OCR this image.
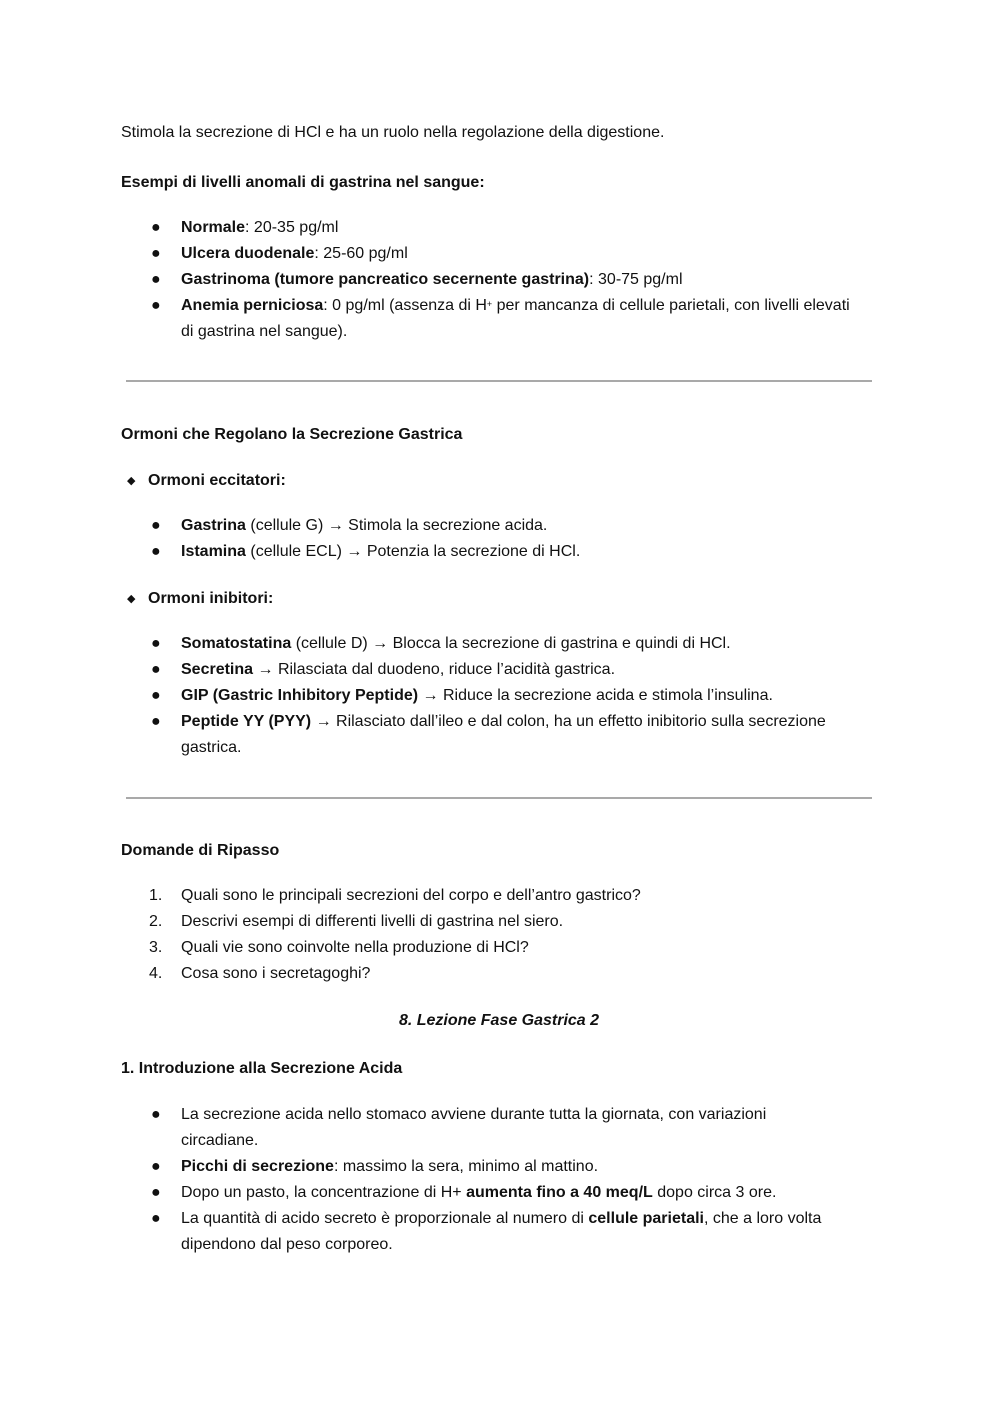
Stimola la secrezione di HCl e ha un ruolo nella regolazione della digestione.

Esempi di livelli anomali di gastrina nel sangue:

●	Normale: 20-35 pg/ml
●	Ulcera duodenale: 25-60 pg/ml
●	Gastrinoma (tumore pancreatico secernente gastrina): 30-75 pg/ml
●	Anemia perniciosa: 0 pg/ml (assenza di H+ per mancanza di cellule parietali, con livelli elevati
di gastrina nel sangue).

Ormoni che Regolano la Secrezione Gastrica

◆ Ormoni eccitatori:
●	Gastrina (cellule G) → Stimola la secrezione acida.
●	Istamina (cellule ECL) → Potenzia la secrezione di HCl.
◆ Ormoni inibitori:
●	Somatostatina (cellule D) → Blocca la secrezione di gastrina e quindi di HCl.
●	Secretina → Rilasciata dal duodeno, riduce l’acidità gastrica.
●	GIP (Gastric Inhibitory Peptide) → Riduce la secrezione acida e stimola l’insulina.
●	Peptide YY (PYY) → Rilasciato dall’ileo e dal colon, ha un effetto inibitorio sulla secrezione
gastrica.

Domande di Ripasso

1.	Quali sono le principali secrezioni del corpo e dell’antro gastrico?
2.	Descrivi esempi di differenti livelli di gastrina nel siero.
3.	Quali vie sono coinvolte nella produzione di HCl?
4.	Cosa sono i secretagoghi?
8. Lezione Fase Gastrica 2

1. Introduzione alla Secrezione Acida

●	La secrezione acida nello stomaco avviene durante tutta la giornata, con variazioni
circadiane.
●	Picchi di secrezione: massimo la sera, minimo al mattino.
●	Dopo un pasto, la concentrazione di H+ aumenta fino a 40 meq/L dopo circa 3 ore.
●	La quantità di acido secreto è proporzionale al numero di cellule parietali, che a loro volta
dipendono dal peso corporeo.
